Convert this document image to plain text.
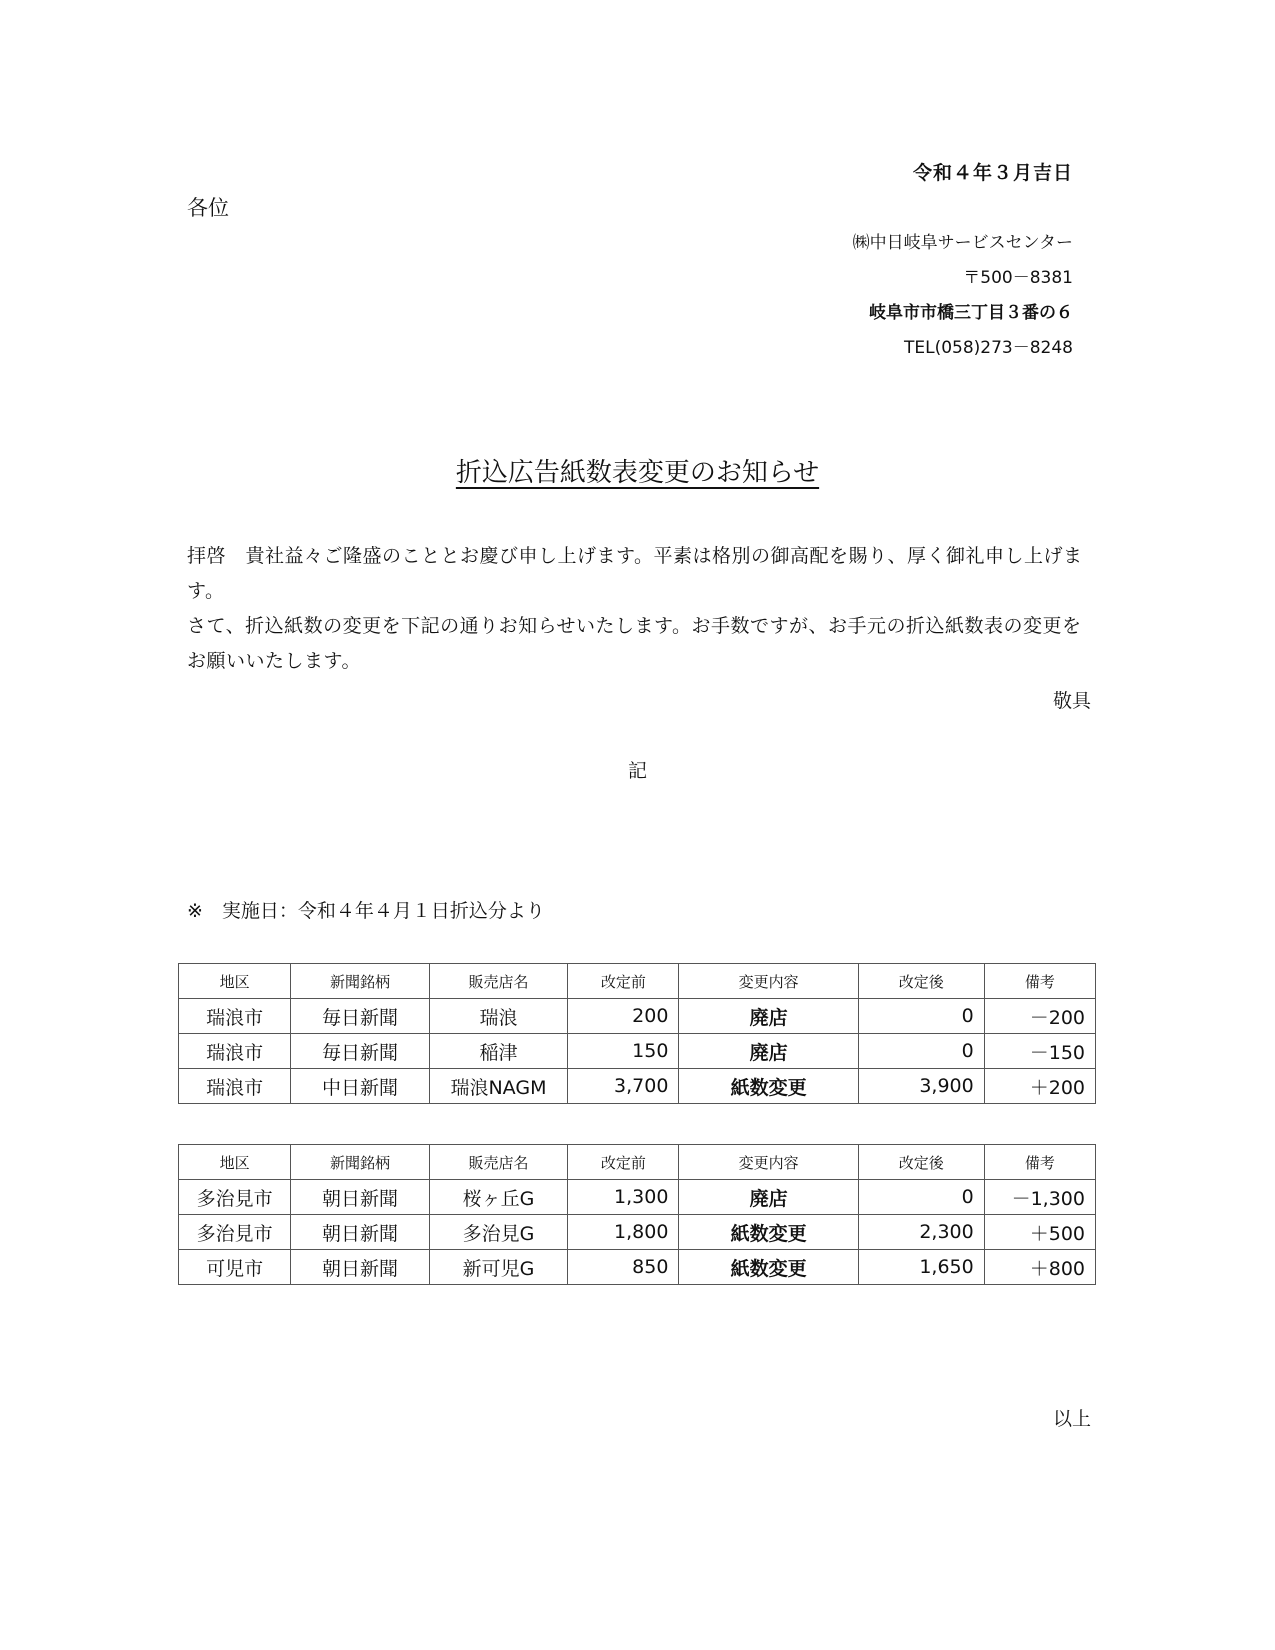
令和４年３月吉日
各位
㈱中日岐阜サービスセンター
〒500－8381
岐阜市市橋三丁目３番の６
TEL(058)273－8248
折込広告紙数表変更のお知らせ

拝啓　貴社益々ご隆盛のこととお慶び申し上げます。平素は格別の御高配を賜り、厚く御礼申し上げます。

さて、折込紙数の変更を下記の通りお知らせいたします。お手数ですが、お手元の折込紙数表の変更をお願いいたします。

敬具
記
※　実施日：令和４年４月１日折込分より
地区	新聞銘柄	販売店名	改定前	変更内容	改定後	備考
瑞浪市	毎日新聞	瑞浪	200	廃店	0	－200
瑞浪市	毎日新聞	稲津	150	廃店	0	－150
瑞浪市	中日新聞	瑞浪NAGM	3,700	紙数変更	3,900	＋200
地区	新聞銘柄	販売店名	改定前	変更内容	改定後	備考
多治見市	朝日新聞	桜ヶ丘G	1,300	廃店	0	－1,300
多治見市	朝日新聞	多治見G	1,800	紙数変更	2,300	＋500
可児市	朝日新聞	新可児G	850	紙数変更	1,650	＋800
以上
